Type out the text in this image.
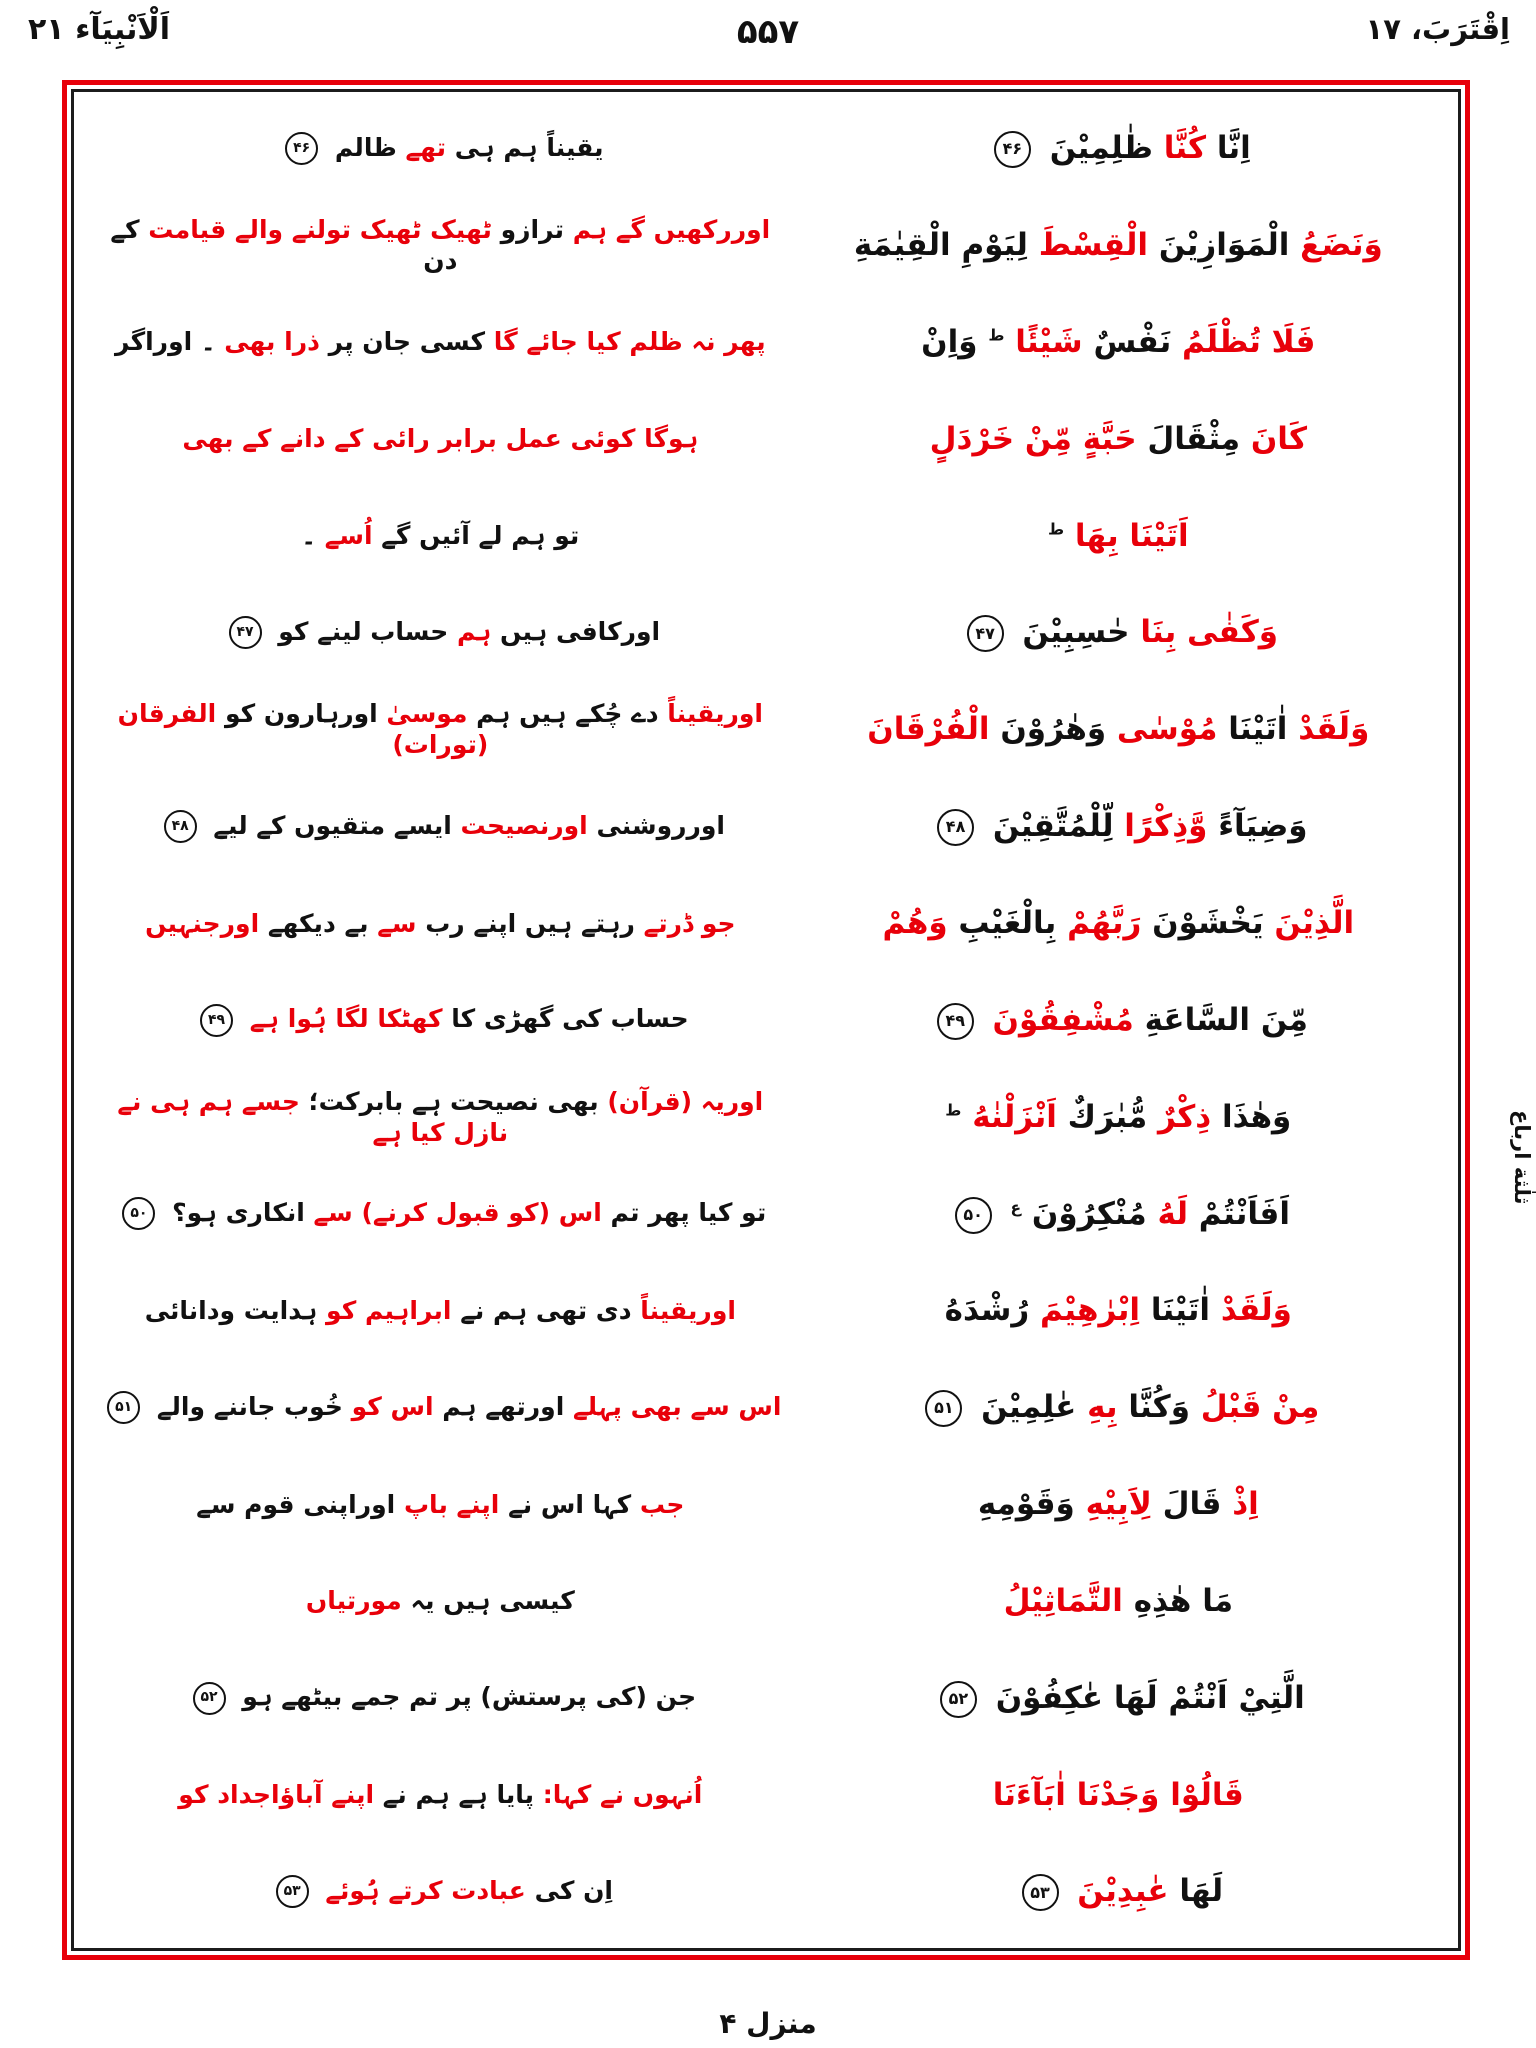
اَلْاَنْبِيَآء ۲۱	۵۵۷	اِقْتَرَبَ، ۱۷
اِنَّا كُنَّا ظٰلِمِيْنَ ۴۶
یقیناً ہم ہی تھے ظالم ۴۶
وَنَضَعُ الْمَوَازِيْنَ الْقِسْطَ لِيَوْمِ الْقِيٰمَةِ
اوررکھیں گے ہم ترازو ٹھیک ٹھیک تولنے والے قیامت کے دن
فَلَا تُظْلَمُ نَفْسٌ شَيْئًا $^ط$ وَاِنْ
پھر نہ ظلم کیا جائے گا کسی جان پر ذرا بھی ۔ اوراگر
كَانَ مِثْقَالَ حَبَّةٍ مِّنْ خَرْدَلٍ
ہوگا کوئی عمل برابر رائی کے دانے کے بھی
اَتَيْنَا بِهَا $^ط$
تو ہم لے آئیں گے اُسے ۔
وَكَفٰى بِنَا حٰسِبِيْنَ ۴۷
اورکافی ہیں ہم حساب لینے کو ۴۷
وَلَقَدْ اٰتَيْنَا مُوْسٰى وَهٰرُوْنَ الْفُرْقَانَ
اوریقیناً دے چُکے ہیں ہم موسیٰ اورہارون کو الفرقان (تورات)
وَضِيَآءً وَّذِكْرًا لِّلْمُتَّقِيْنَ ۴۸
اورروشنی اورنصیحت ایسے متقیوں کے لیے ۴۸
الَّذِيْنَ يَخْشَوْنَ رَبَّهُمْ بِالْغَيْبِ وَهُمْ
جو ڈرتے رہتے ہیں اپنے رب سے بے دیکھے اورجنہیں
مِّنَ السَّاعَةِ مُشْفِقُوْنَ ۴۹
حساب کی گھڑی کا کھٹکا لگا ہُوا ہے ۴۹
وَهٰذَا ذِكْرٌ مُّبٰرَكٌ اَنْزَلْنٰهُ $^ط$
اوریہ (قرآن) بھی نصیحت ہے بابرکت؛ جسے ہم ہی نے نازل کیا ہے
اَفَاَنْتُمْ لَهُ مُنْكِرُوْنَ $^ع$ ۵۰
تو کیا پھر تم اس (کو قبول کرنے) سے انکاری ہو؟ ۵۰
وَلَقَدْ اٰتَيْنَا اِبْرٰهِيْمَ رُشْدَهُ
اوریقیناً دی تھی ہم نے ابراہیم کو ہدایت ودانائی
مِنْ قَبْلُ وَكُنَّا بِهِ عٰلِمِيْنَ ۵۱
اس سے بھی پہلے اورتھے ہم اس کو خُوب جاننے والے ۵۱
اِذْ قَالَ لِاَبِيْهِ وَقَوْمِهِ
جب کہا اس نے اپنے باپ اوراپنی قوم سے
مَا هٰذِهِ التَّمَاثِيْلُ
کیسی ہیں یہ مورتیاں
الَّتِيْ اَنْتُمْ لَهَا عٰكِفُوْنَ ۵۲
جن (کی پرستش) پر تم جمے بیٹھے ہو ۵۲
قَالُوْا وَجَدْنَا اٰبَآءَنَا
اُنہوں نے کہا: پایا ہے ہم نے اپنے آباؤاجداد کو
لَهَا عٰبِدِيْنَ ۵۳
اِن کی عبادت کرتے ہُوئے ۵۳
ثلٰثة ارباع
منزل ۴
